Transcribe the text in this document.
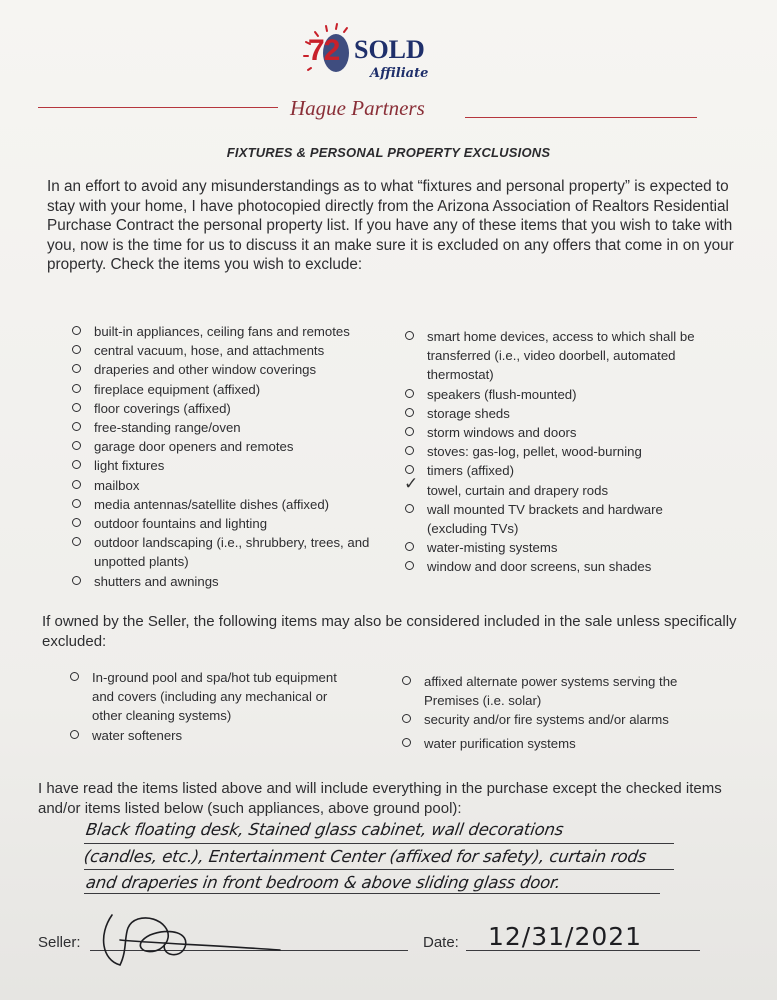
72 SOLD
Affiliate
Hague Partners
FIXTURES & PERSONAL PROPERTY EXCLUSIONS
In an effort to avoid any misunderstandings as to what “fixtures and personal property” is expected to stay with your home, I have photocopied directly from the Arizona Association of Realtors Residential Purchase Contract the personal property list. If you have any of these items that you wish to take with you, now is the time for us to discuss it an make sure it is excluded on any offers that come in on your property. Check the items you wish to exclude:
built-in appliances, ceiling fans and remotes
central vacuum, hose, and attachments
draperies and other window coverings
fireplace equipment (affixed)
floor coverings (affixed)
free-standing range/oven
garage door openers and remotes
light fixtures
mailbox
media antennas/satellite dishes (affixed)
outdoor fountains and lighting
outdoor landscaping (i.e., shrubbery, trees, and unpotted plants)
shutters and awnings
smart home devices, access to which shall be transferred (i.e., video doorbell, automated thermostat)
speakers (flush-mounted)
storage sheds
storm windows and doors
stoves: gas-log, pellet, wood-burning
timers (affixed)
✓ towel, curtain and drapery rods
wall mounted TV brackets and hardware (excluding TVs)
water-misting systems
window and door screens, sun shades
If owned by the Seller, the following items may also be considered included in the sale unless specifically excluded:
In-ground pool and spa/hot tub equipment and covers (including any mechanical or other cleaning systems)
water softeners
affixed alternate power systems serving the Premises (i.e. solar)
security and/or fire systems and/or alarms
water purification systems
I have read the items listed above and will include everything in the purchase except the checked items and/or items listed below (such appliances, above ground pool):
Black floating desk, Stained glass cabinet, wall decorations
(candles, etc.), Entertainment Center (affixed for safety), curtain rods
and draperies in front bedroom & above sliding glass door.
Seller:	Date: 12/31/2021
